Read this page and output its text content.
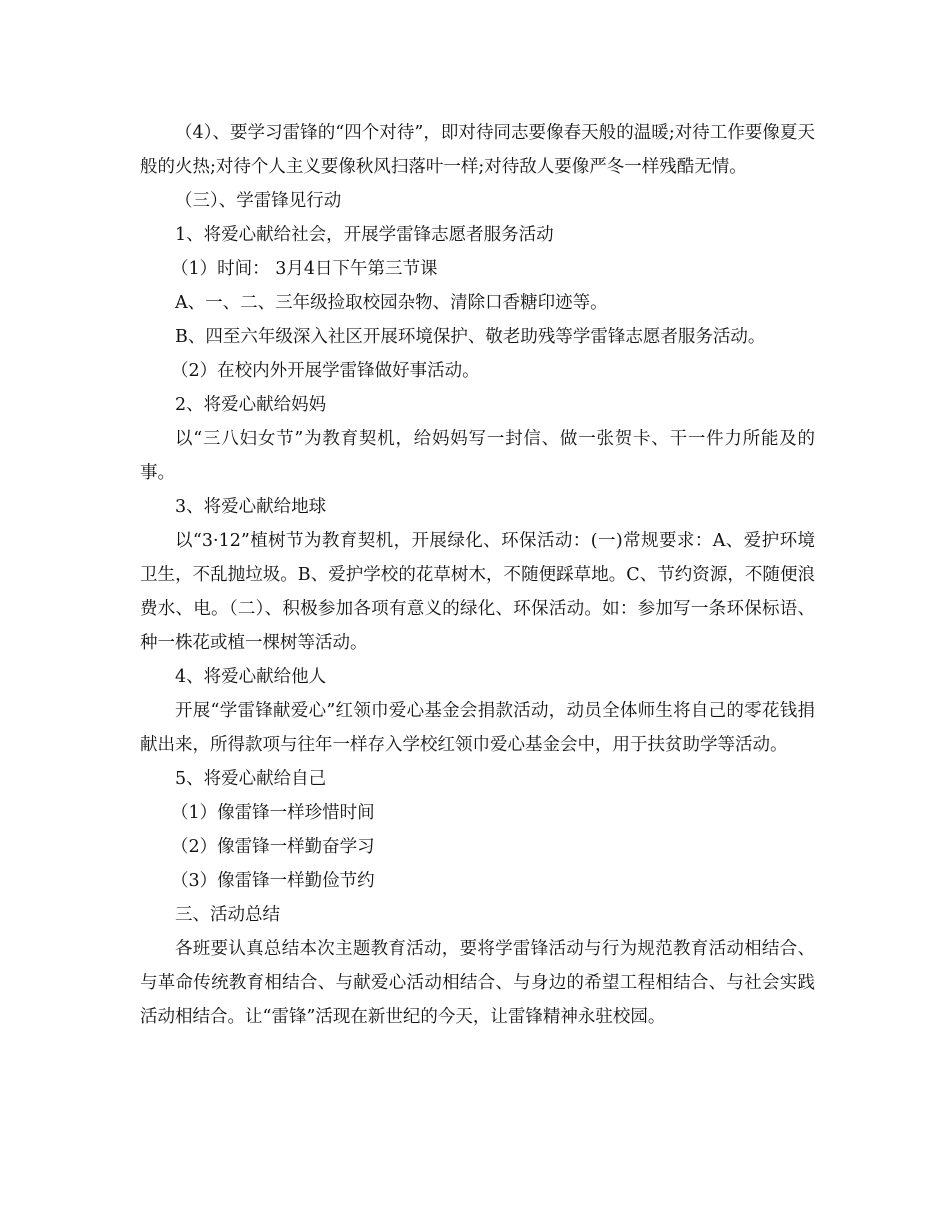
（4）、要学习雷锋的“四个对待”，即对待同志要像春天般的温暖;对待工作要像夏天般的火热;对待个人主义要像秋风扫落叶一样;对待敌人要像严冬一样残酷无情。

（三）、学雷锋见行动

1、将爱心献给社会，开展学雷锋志愿者服务活动

（1）时间： 3月4日下午第三节课

A、一、二、三年级捡取校园杂物、清除口香糖印迹等。

B、四至六年级深入社区开展环境保护、敬老助残等学雷锋志愿者服务活动。

（2）在校内外开展学雷锋做好事活动。

2、将爱心献给妈妈

以“三八妇女节”为教育契机，给妈妈写一封信、做一张贺卡、干一件力所能及的事。

3、将爱心献给地球

以“3·12”植树节为教育契机，开展绿化、环保活动：(一)常规要求：A、爱护环境卫生，不乱抛垃圾。B、爱护学校的花草树木，不随便踩草地。C、节约资源，不随便浪费水、电。（二）、积极参加各项有意义的绿化、环保活动。如：参加写一条环保标语、种一株花或植一棵树等活动。

4、将爱心献给他人

开展“学雷锋献爱心”红领巾爱心基金会捐款活动，动员全体师生将自己的零花钱捐献出来，所得款项与往年一样存入学校红领巾爱心基金会中，用于扶贫助学等活动。

5、将爱心献给自己

（1）像雷锋一样珍惜时间

（2）像雷锋一样勤奋学习

（3）像雷锋一样勤俭节约

三、活动总结

各班要认真总结本次主题教育活动，要将学雷锋活动与行为规范教育活动相结合、与革命传统教育相结合、与献爱心活动相结合、与身边的希望工程相结合、与社会实践活动相结合。让“雷锋”活现在新世纪的今天，让雷锋精神永驻校园。
